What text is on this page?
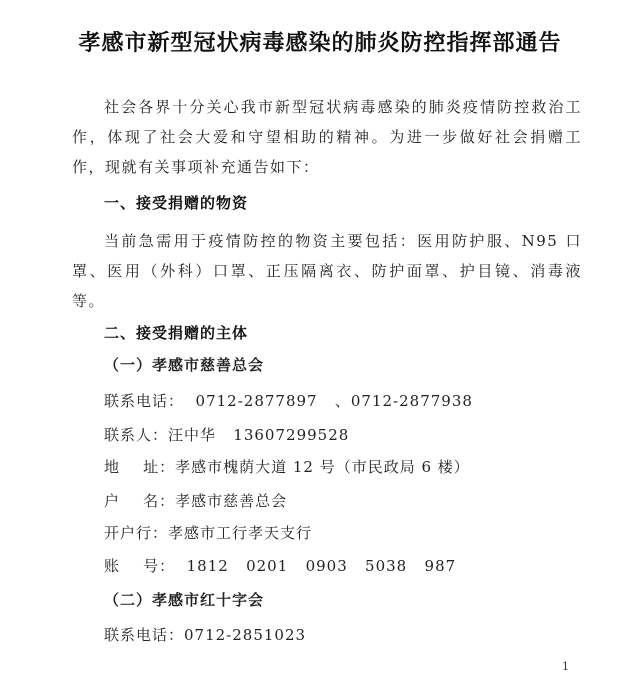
孝感市新型冠状病毒感染的肺炎防控指挥部通告
社会各界十分关心我市新型冠状病毒感染的肺炎疫情防控救治工作，体现了社会大爱和守望相助的精神。为进一步做好社会捐赠工作，现就有关事项补充通告如下：
一、接受捐赠的物资
当前急需用于疫情防控的物资主要包括：医用防护服、N95 口罩、医用（外科）口罩、正压隔离衣、防护面罩、护目镜、消毒液等。
二、接受捐赠的主体
（一）孝感市慈善总会
联系电话：  0712-2877897   、0712-2877938
联系人：汪中华   13607299528
地    址：孝感市槐荫大道 12 号（市民政局 6 楼）
户    名：孝感市慈善总会
开户行：孝感市工行孝天支行
账    号：  1812   0201   0903   5038   987
（二）孝感市红十字会
联系电话：0712-2851023
1
